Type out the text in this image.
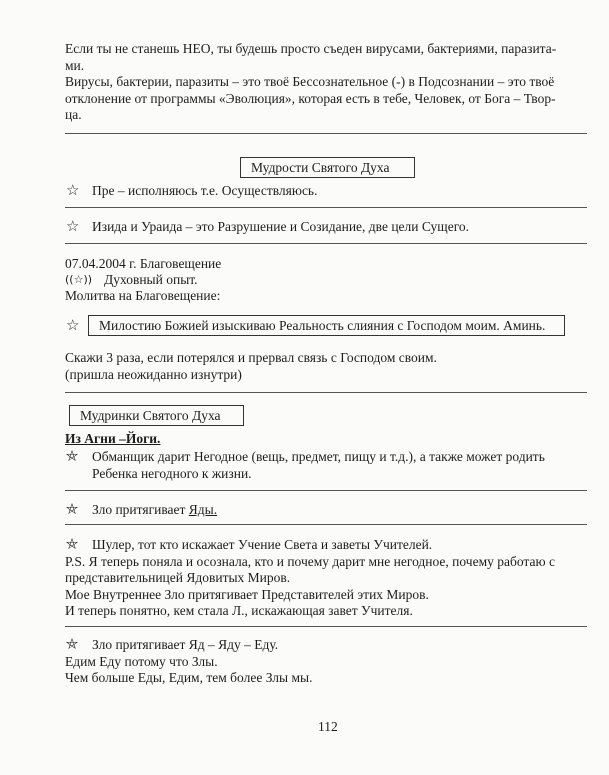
Если ты не станешь НЕО, ты будешь просто съеден вирусами, бактериями, паразита-
ми.
Вирусы, бактерии, паразиты – это твоё Бессознательное (-) в Подсознании – это твоё
отклонение от программы «Эволюция», которая есть в тебе, Человек, от Бога – Твор-
ца.
Мудрости Святого Духа
☆ Пре – исполняюсь т.е. Осуществляюсь.
☆ Изида и Ураида – это Разрушение и Созидание, две цели Сущего.
07.04.2004 г. Благовещение
((☆)) Духовный опыт.
Молитва на Благовещение:
☆	Милостию Божией изыскиваю Реальность слияния с Господом моим. Аминь.
Скажи 3 раза, если потерялся и прервал связь с Господом своим.
(пришла неожиданно изнутри)
Мудринки Святого Духа
Из Агни –Йоги.
⛤ Обманщик дарит Негодное (вещь, предмет, пищу и т.д.), а также может родить
Ребенка негодного к жизни.
⛤ Зло притягивает Яды.
⛤ Шулер, тот кто искажает Учение Света и заветы Учителей.
P.S. Я теперь поняла и осознала, кто и почему дарит мне негодное, почему работаю с
представительницей Ядовитых Миров.
Мое Внутреннее Зло притягивает Представителей этих Миров.
И теперь понятно, кем стала Л., искажающая завет Учителя.
⛤ Зло притягивает Яд – Яду – Еду.
Едим Еду потому что Злы.
Чем больше Еды, Едим, тем более Злы мы.
112
